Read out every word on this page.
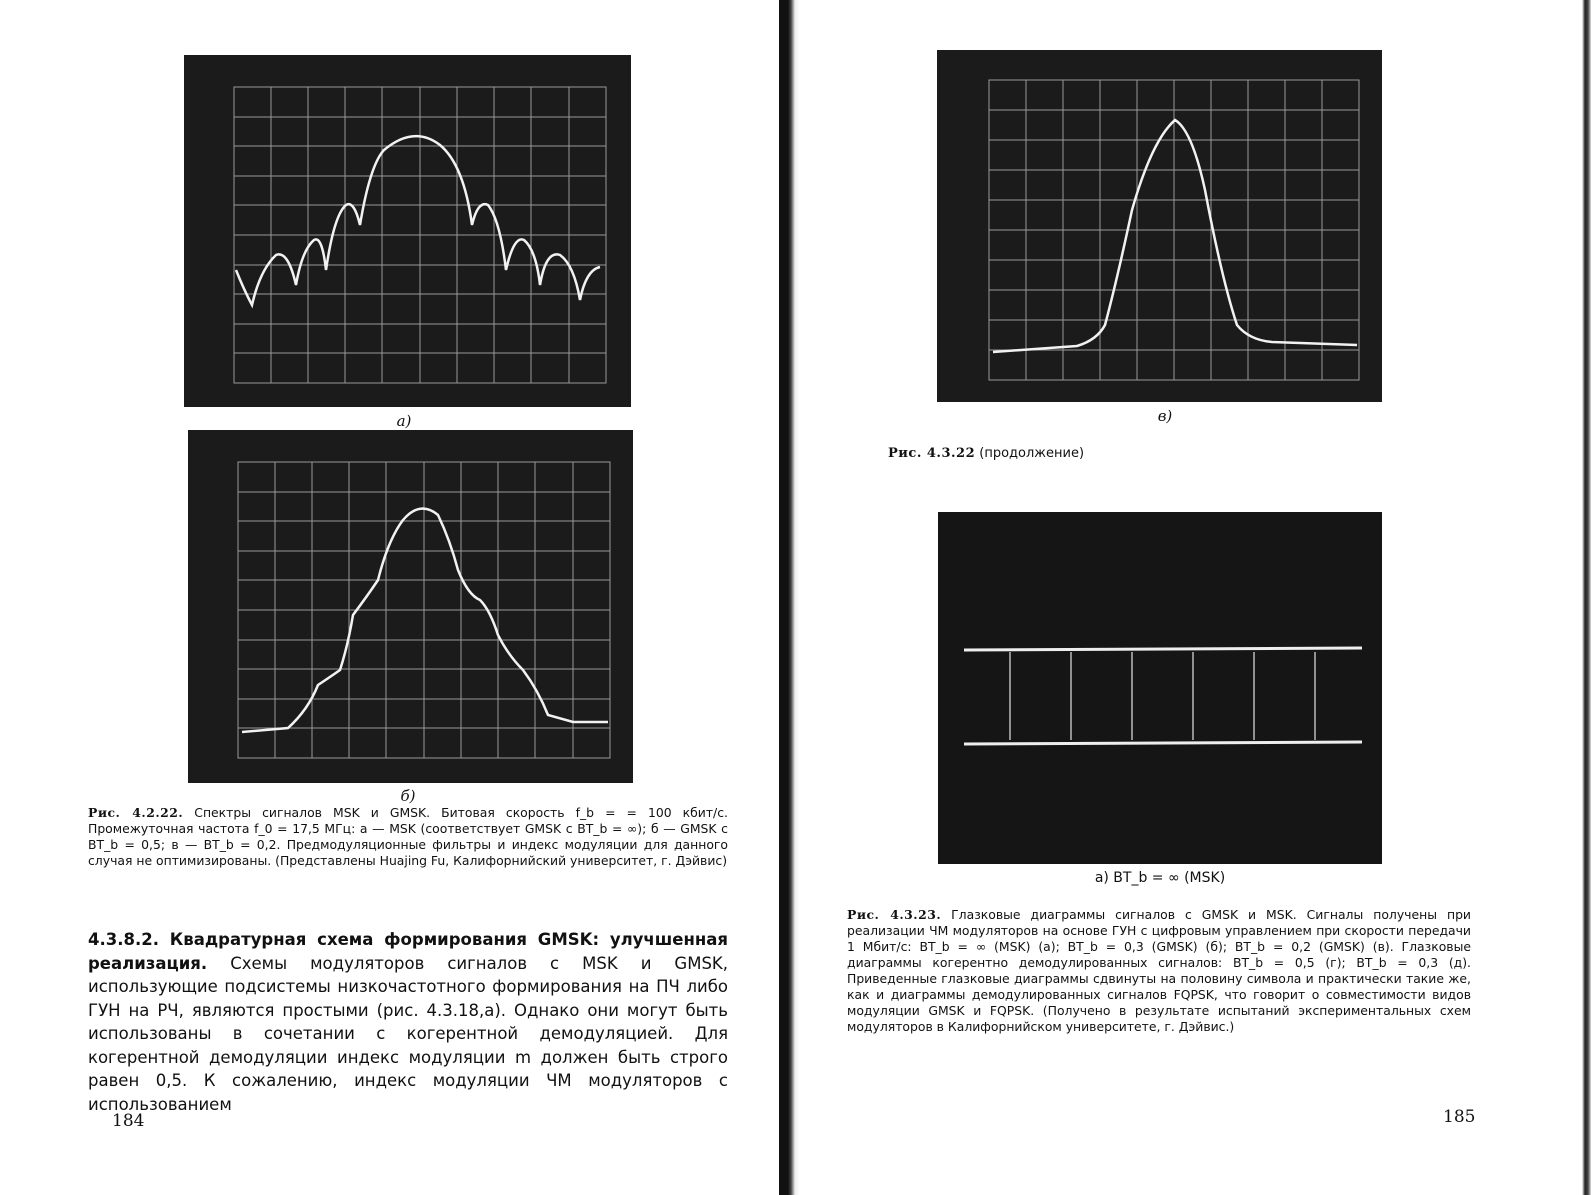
а)
б)
Рис. 4.2.22. Спектры сигналов MSK и GMSK. Битовая скорость f_b = = 100 кбит/с. Промежуточная частота f_0 = 17,5 МГц: а — MSK (соответствует GMSK с BT_b = ∞); б — GMSK с BT_b = 0,5; в — BT_b = 0,2. Предмодуляционные фильтры и индекс модуляции для данного случая не оптимизированы. (Представлены Huajing Fu, Калифорнийский университет, г. Дэйвис)
4.3.8.2. Квадратурная схема формирования GMSK: улучшенная реализация. Схемы модуляторов сигналов с MSK и GMSK, использующие подсистемы низкочастотного формирования на ПЧ либо ГУН на РЧ, являются простыми (рис. 4.3.18,а). Однако они могут быть использованы в сочетании с когерентной демодуляцией. Для когерентной демодуляции индекс модуляции m должен быть строго равен 0,5. К сожалению, индекс модуляции ЧМ модуляторов с использованием
184
в)
Рис. 4.3.22 (продолжение)
а) BT_b = ∞ (MSK)
Рис. 4.3.23. Глазковые диаграммы сигналов с GMSK и MSK. Сигналы получены при реализации ЧМ модуляторов на основе ГУН с цифровым управлением при скорости передачи 1 Мбит/с: BT_b = ∞ (MSK) (а); BT_b = 0,3 (GMSK) (б); BT_b = 0,2 (GMSK) (в). Глазковые диаграммы когерентно демодулированных сигналов: BT_b = 0,5 (г); BT_b = 0,3 (д). Приведенные глазковые диаграммы сдвинуты на половину символа и практически такие же, как и диаграммы демодулированных сигналов FQPSK, что говорит о совместимости видов модуляции GMSK и FQPSK. (Получено в результате испытаний экспериментальных схем модуляторов в Калифорнийском университете, г. Дэйвис.)
185
